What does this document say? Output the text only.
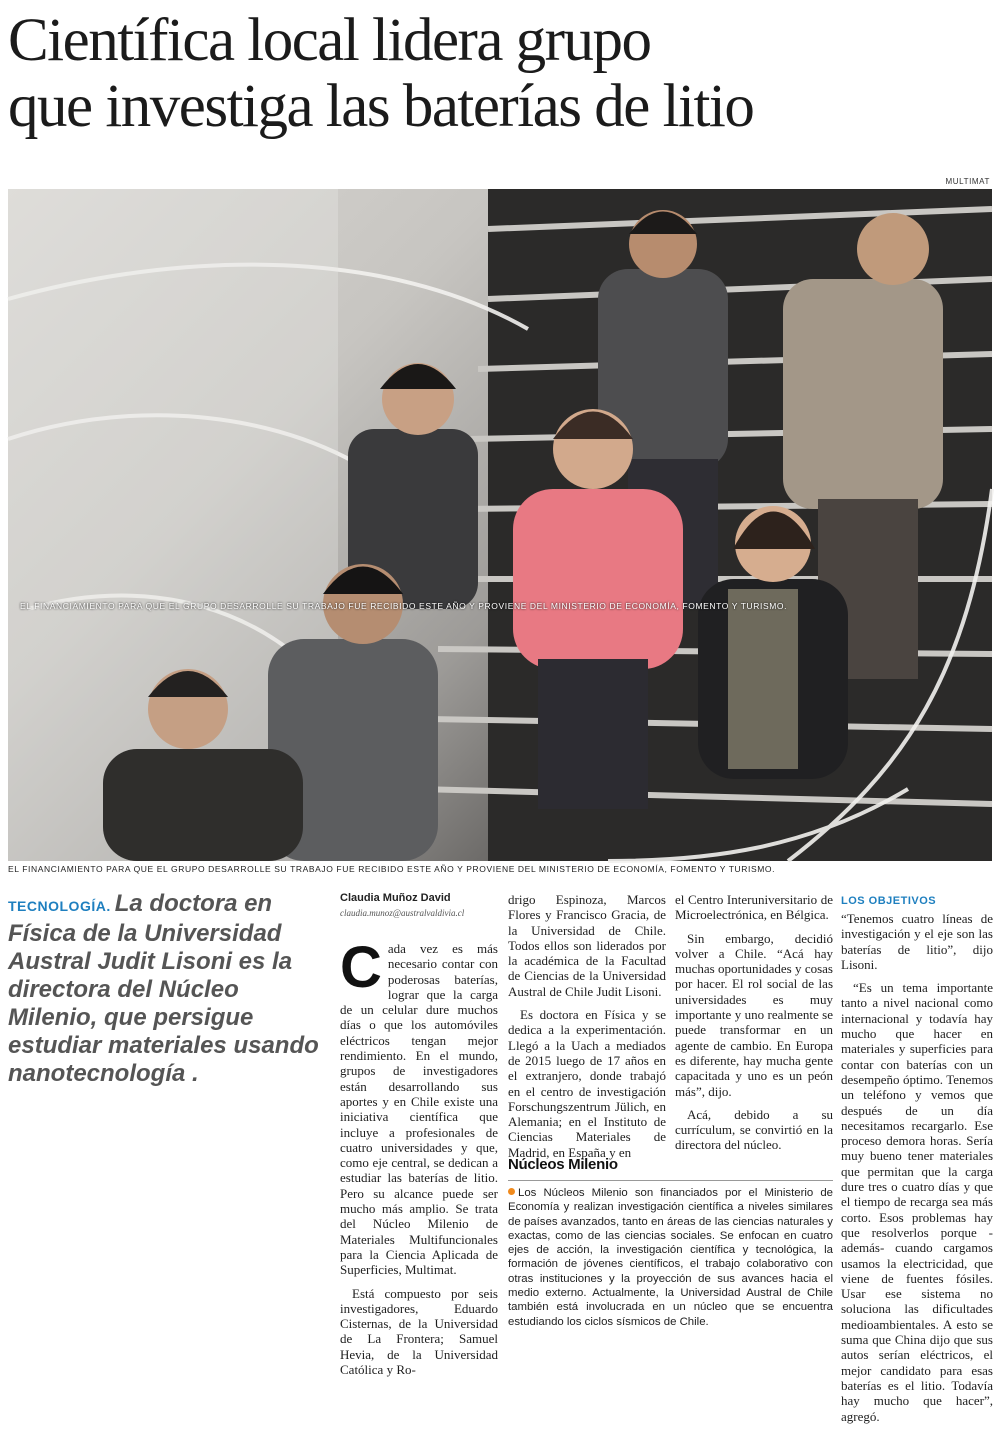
Científica local lidera grupo
que investiga las baterías de litio
MULTIMAT
EL FINANCIAMIENTO PARA QUE EL GRUPO DESARROLLE SU TRABAJO FUE RECIBIDO ESTE AÑO Y PROVIENE DEL MINISTERIO DE ECONOMÍA, FOMENTO Y TURISMO.
EL FINANCIAMIENTO PARA QUE EL GRUPO DESARROLLE SU TRABAJO FUE RECIBIDO ESTE AÑO Y PROVIENE DEL MINISTERIO DE ECONOMÍA, FOMENTO Y TURISMO.
TECNOLOGÍA. La doctora en Física de la Universidad Austral Judit Lisoni es la directora del Núcleo Milenio, que persigue estudiar materiales usando nanotecnología .
Claudia Muñoz David
claudia.munoz@australvaldivia.cl

Cada vez es más necesario contar con poderosas baterías, lograr que la carga de un celular dure muchos días o que los automóviles eléctricos tengan mejor rendimiento. En el mundo, grupos de investigadores están desarrollando sus aportes y en Chile existe una iniciativa científica que incluye a profesionales de cuatro universidades y que, como eje central, se dedican a estudiar las baterías de litio. Pero su alcance puede ser mucho más amplio. Se trata del Núcleo Milenio de Materiales Multifuncionales para la Ciencia Aplicada de Superficies, Multimat.

Está compuesto por seis investigadores, Eduardo Cisternas, de la Universidad de La Frontera; Samuel Hevia, de la Universidad Católica y Ro-

drigo Espinoza, Marcos Flores y Francisco Gracia, de la Universidad de Chile. Todos ellos son liderados por la académica de la Facultad de Ciencias de la Universidad Austral de Chile Judit Lisoni.

Es doctora en Física y se dedica a la experimentación. Llegó a la Uach a mediados de 2015 luego de 17 años en el extranjero, donde trabajó en el centro de investigación Forschungszentrum Jülich, en Alemania; en el Instituto de Ciencias Materiales de Madrid, en España y en

el Centro Interuniversitario de Microelectrónica, en Bélgica.

Sin embargo, decidió volver a Chile. “Acá hay muchas oportunidades y cosas por hacer. El rol social de las universidades es muy importante y uno realmente se puede transformar en un agente de cambio. En Europa es diferente, hay mucha gente capacitada y uno es un peón más”, dijo.

Acá, debido a su currículum, se convirtió en la directora del núcleo.

Núcleos Milenio
Los Núcleos Milenio son financiados por el Ministerio de Economía y realizan investigación científica a niveles similares de países avanzados, tanto en áreas de las ciencias naturales y exactas, como de las ciencias sociales. Se enfocan en cuatro ejes de acción, la investigación científica y tecnológica, la formación de jóvenes científicos, el trabajo colaborativo con otras instituciones y la proyección de sus avances hacia el medio externo. Actualmente, la Universidad Austral de Chile también está involucrada en un núcleo que se encuentra estudiando los ciclos sísmicos de Chile.
LOS OBJETIVOS

“Tenemos cuatro líneas de investigación y el eje son las baterías de litio”, dijo Lisoni.

“Es un tema importante tanto a nivel nacional como internacional y todavía hay mucho que hacer en materiales y superficies para contar con baterías con un desempeño óptimo. Tenemos un teléfono y vemos que después de un día necesitamos recargarlo. Ese proceso demora horas. Sería muy bueno tener materiales que permitan que la carga dure tres o cuatro días y que el tiempo de recarga sea más corto. Esos problemas hay que resolverlos porque -además- cuando cargamos usamos la electricidad, que viene de fuentes fósiles. Usar ese sistema no soluciona las dificultades medioambientales. A esto se suma que China dijo que sus autos serían eléctricos, el mejor candidato para esas baterías es el litio. Todavía hay mucho que hacer”, agregó.
